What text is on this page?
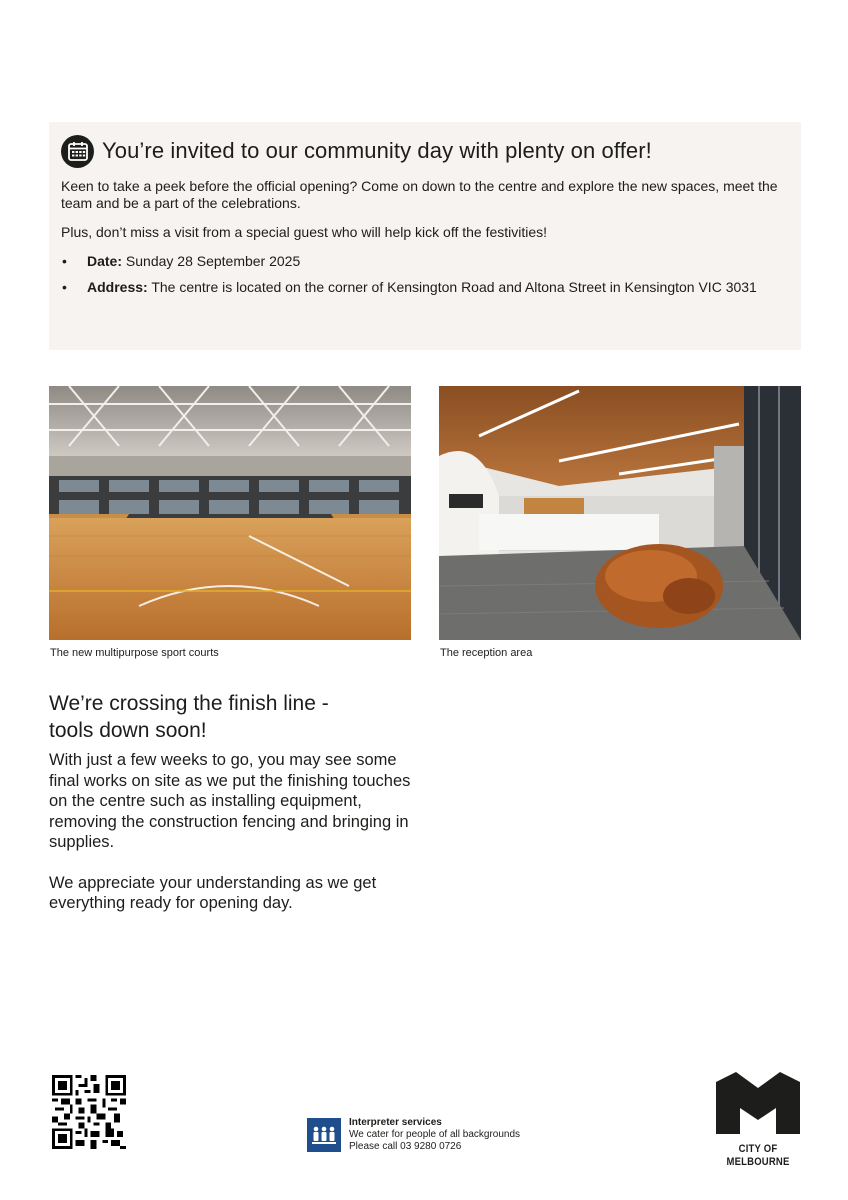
You’re invited to our community day with plenty on offer!

Keen to take a peek before the official opening? Come on down to the centre and explore the new spaces, meet the team and be a part of the celebrations.

Plus, don’t miss a visit from a special guest who will help kick off the festivities!

• Date: Sunday 28 September 2025
• Address: The centre is located on the corner of Kensington Road and Altona Street in Kensington VIC 3031
The new multipurpose sport courts	The reception area
We’re crossing the finish line -
tools down soon!

With just a few weeks to go, you may see some final works on site as we put the finishing touches on the centre such as installing equipment, removing the construction fencing and bringing in supplies.

We appreciate your understanding as we get everything ready for opening day.

Interpreter services
We cater for people of all backgrounds
Please call 03 9280 0726	CITY OF MELBOURNE
